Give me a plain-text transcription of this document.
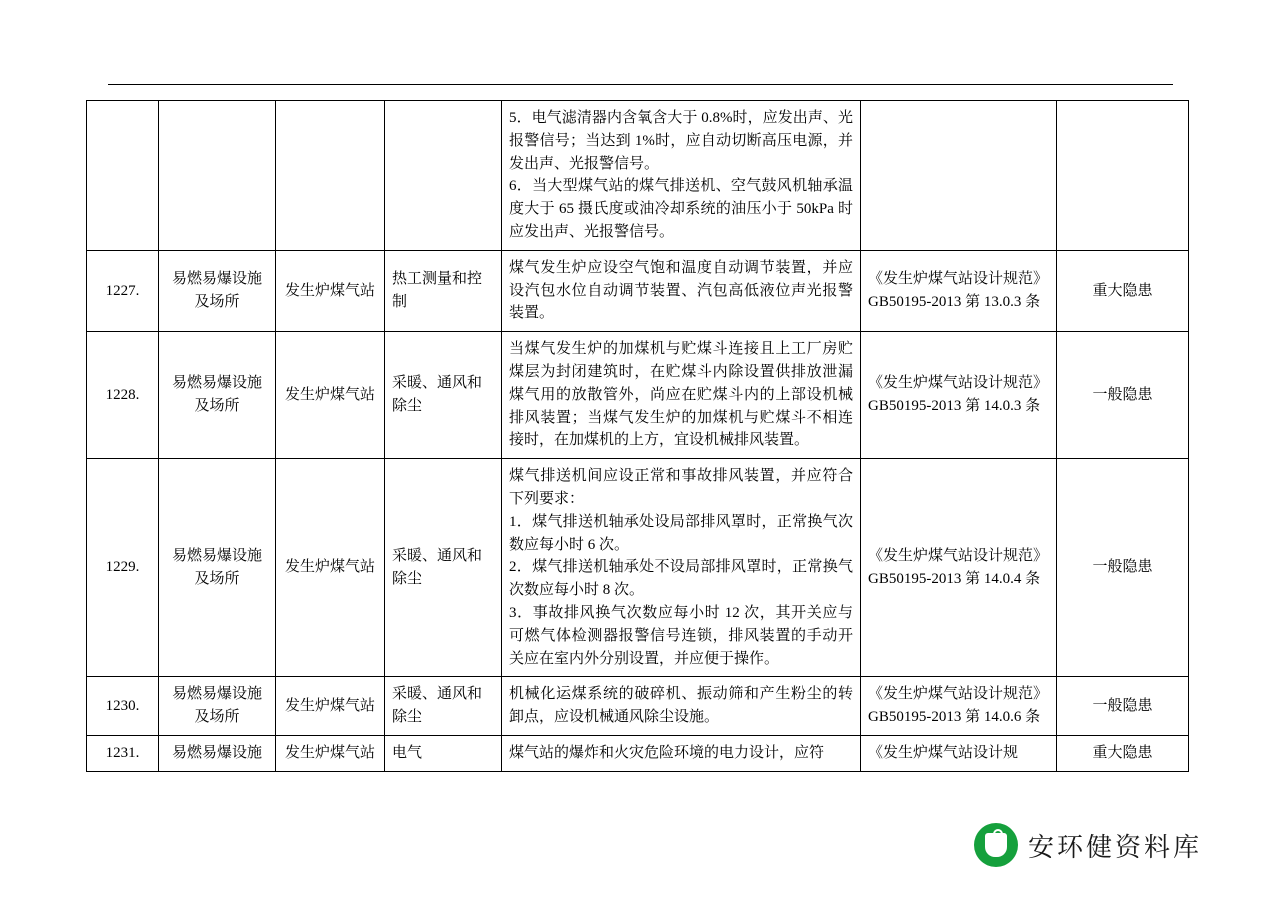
				5．电气滤清器内含氧含大于 0.8%时，应发出声、光报警信号；当达到 1%时，应自动切断高压电源，并发出声、光报警信号。

6．当大型煤气站的煤气排送机、空气鼓风机轴承温度大于 65 摄氏度或油冷却系统的油压小于 50kPa 时应发出声、光报警信号。		

1227.	易燃易爆设施及场所	发生炉煤气站	热工测量和控制	煤气发生炉应设空气饱和温度自动调节装置，并应设汽包水位自动调节装置、汽包高低液位声光报警装置。	《发生炉煤气站设计规范》GB50195-2013 第 13.0.3 条	重大隐患
1228.	易燃易爆设施及场所	发生炉煤气站	采暖、通风和除尘	当煤气发生炉的加煤机与贮煤斗连接且上工厂房贮煤层为封闭建筑时，在贮煤斗内除设置供排放泄漏煤气用的放散管外，尚应在贮煤斗内的上部设机械排风装置；当煤气发生炉的加煤机与贮煤斗不相连接时，在加煤机的上方，宜设机械排风装置。	《发生炉煤气站设计规范》GB50195-2013 第 14.0.3 条	一般隐患
1229.	易燃易爆设施及场所	发生炉煤气站	采暖、通风和除尘	煤气排送机间应设正常和事故排风装置，并应符合下列要求：

1．煤气排送机轴承处设局部排风罩时，正常换气次数应每小时 6 次。

2．煤气排送机轴承处不设局部排风罩时，正常换气次数应每小时 8 次。

3．事故排风换气次数应每小时 12 次，其开关应与可燃气体检测器报警信号连锁，排风装置的手动开关应在室内外分别设置，并应便于操作。	《发生炉煤气站设计规范》GB50195-2013 第 14.0.4 条	一般隐患
1230.	易燃易爆设施及场所	发生炉煤气站	采暖、通风和除尘	机械化运煤系统的破碎机、振动筛和产生粉尘的转卸点，应设机械通风除尘设施。	《发生炉煤气站设计规范》GB50195-2013 第 14.0.6 条	一般隐患
1231.	易燃易爆设施	发生炉煤气站	电气	煤气站的爆炸和火灾危险环境的电力设计，应符	《发生炉煤气站设计规	重大隐患
安环健资料库
